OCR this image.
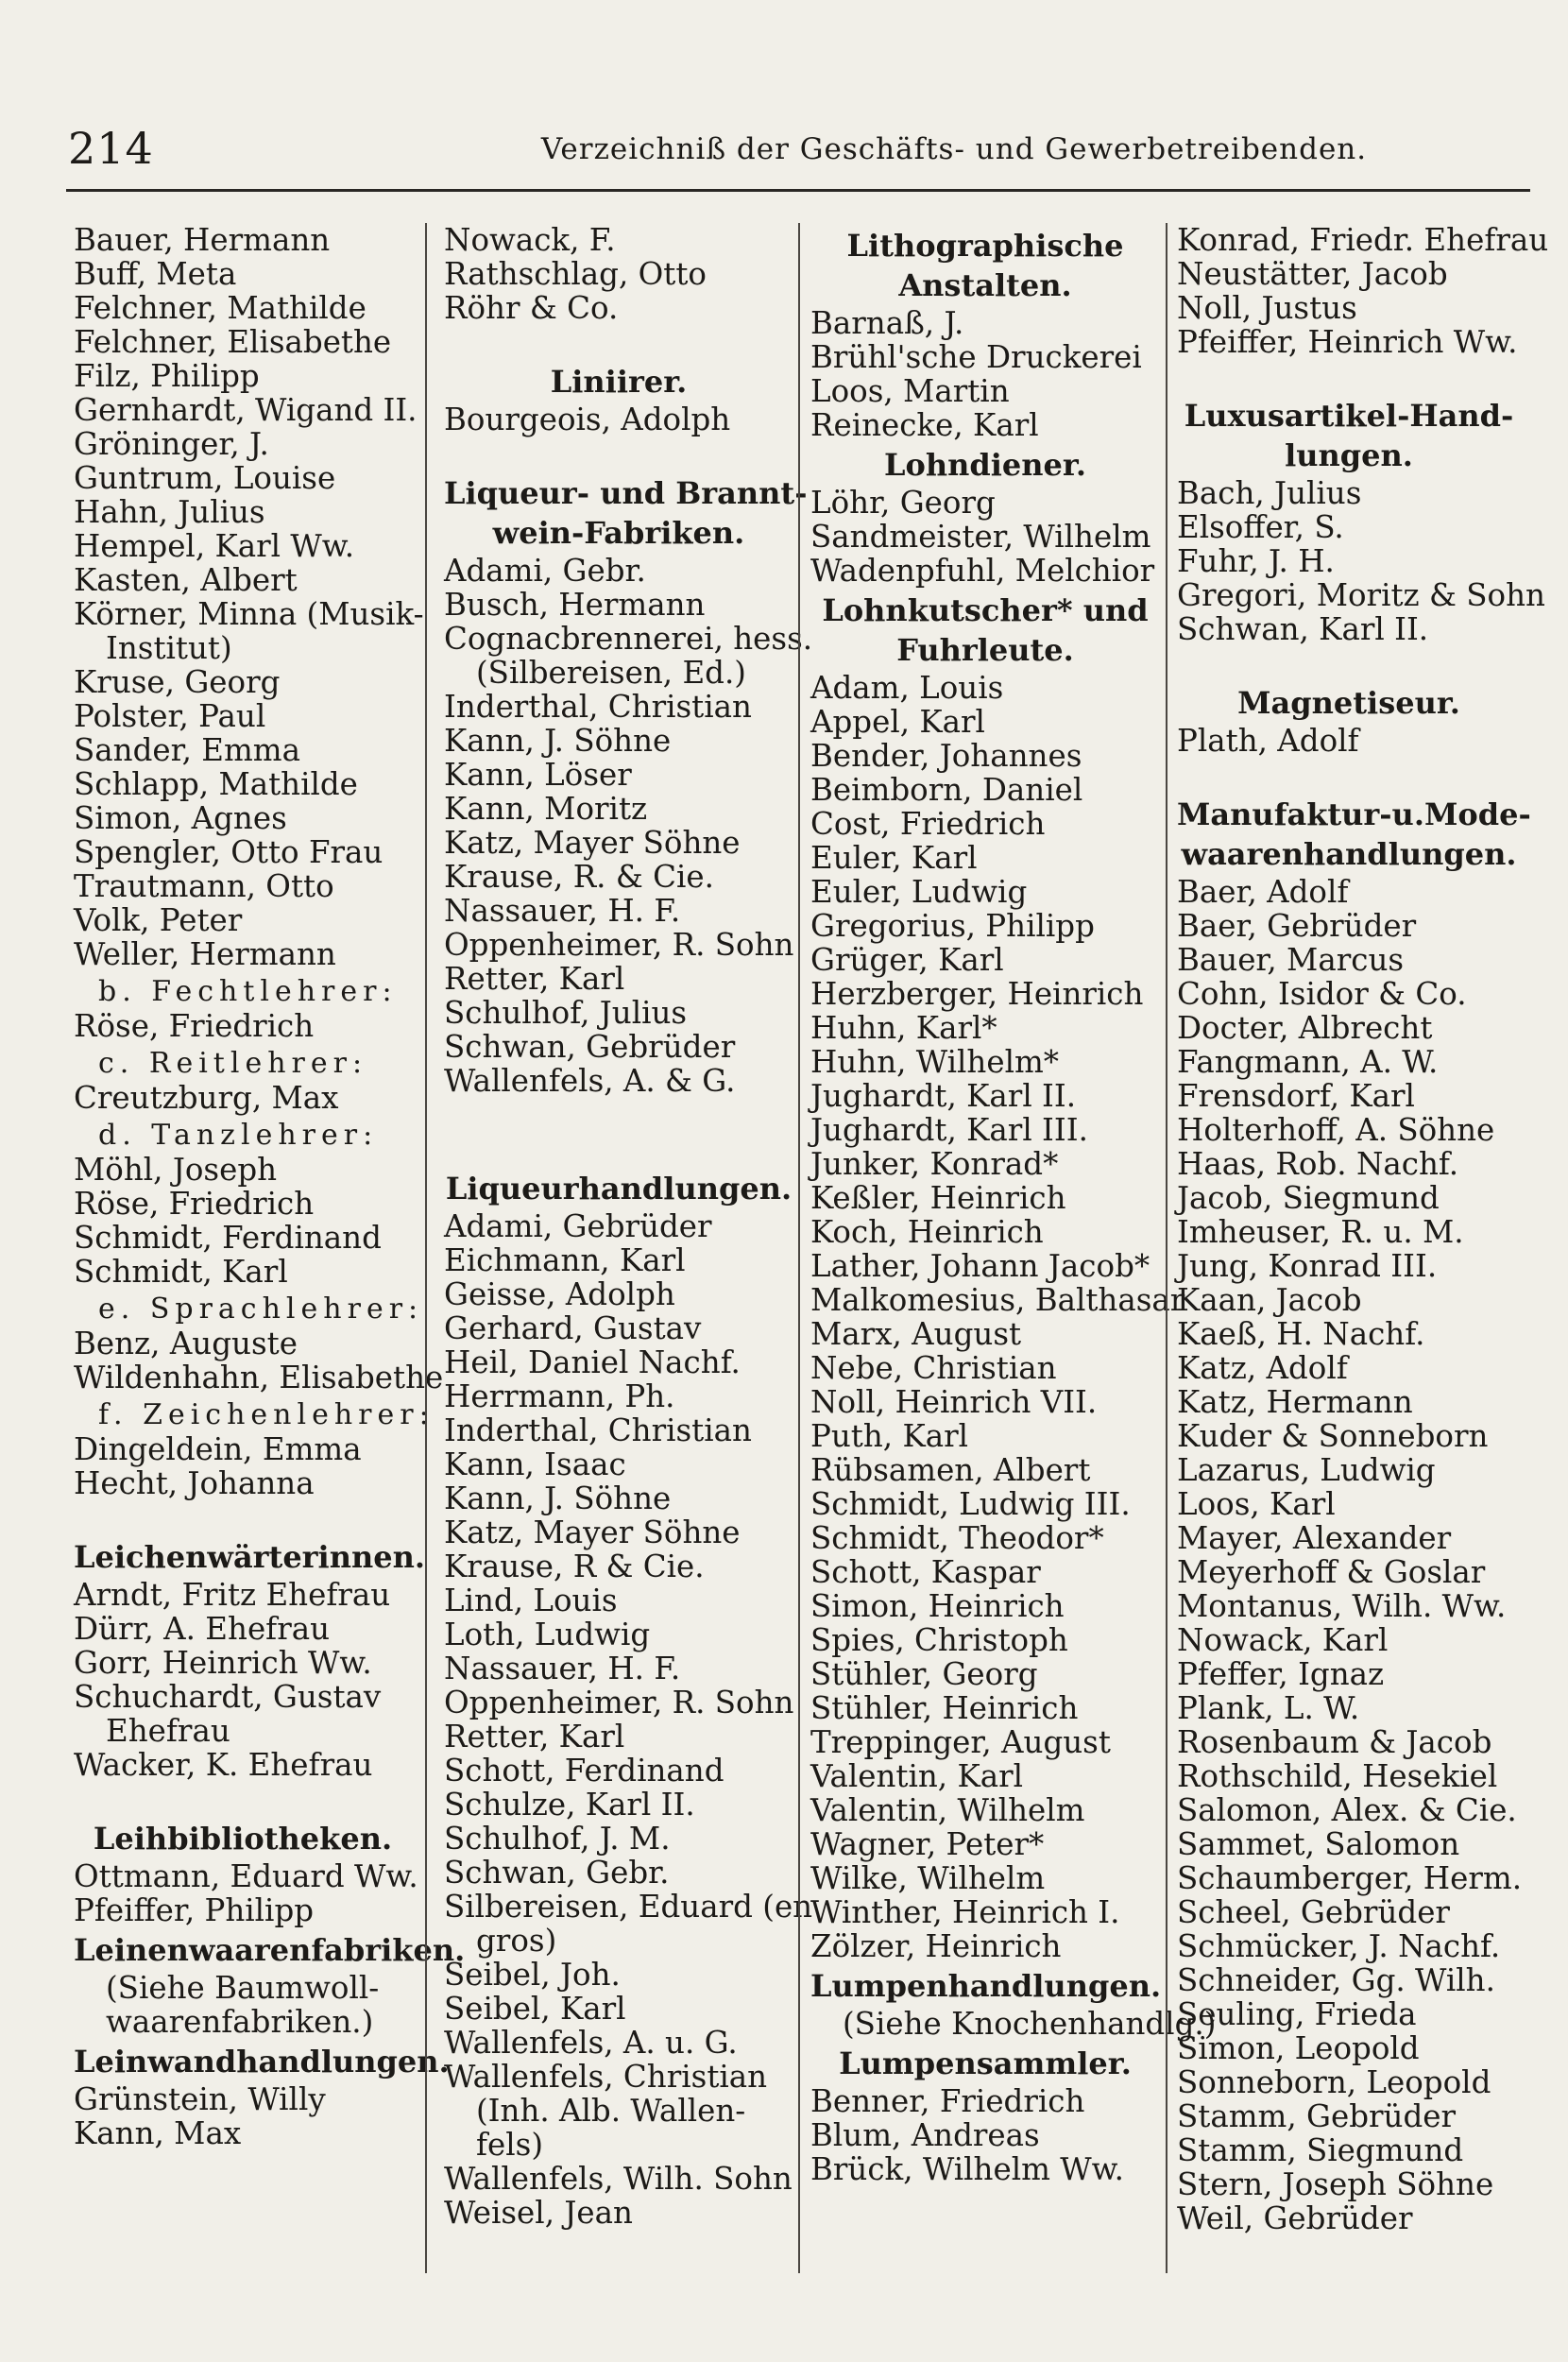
214	Verzeichniß der Geschäfts- und Gewerbetreibenden.
Bauer, Hermann
Buff, Meta
Felchner, Mathilde
Felchner, Elisabethe
Filz, Philipp
Gernhardt, Wigand II.
Gröninger, J.
Guntrum, Louise
Hahn, Julius
Hempel, Karl Ww.
Kasten, Albert
Körner, Minna (Musik-
Institut)
Kruse, Georg
Polster, Paul
Sander, Emma
Schlapp, Mathilde
Simon, Agnes
Spengler, Otto Frau
Trautmann, Otto
Volk, Peter
Weller, Hermann
b. Fechtlehrer:
Röse, Friedrich
c. Reitlehrer:
Creutzburg, Max
d. Tanzlehrer:
Möhl, Joseph
Röse, Friedrich
Schmidt, Ferdinand
Schmidt, Karl
e. Sprachlehrer:
Benz, Auguste
Wildenhahn, Elisabethe
f. Zeichenlehrer:
Dingeldein, Emma
Hecht, Johanna
Leichenwärterinnen.
Arndt, Fritz Ehefrau
Dürr, A. Ehefrau
Gorr, Heinrich Ww.
Schuchardt, Gustav
Ehefrau
Wacker, K. Ehefrau
Leihbibliotheken.
Ottmann, Eduard Ww.
Pfeiffer, Philipp
Leinenwaarenfabriken.
(Siehe Baumwoll-
waarenfabriken.)
Leinwandhandlungen.
Grünstein, Willy
Kann, Max
Nowack, F.
Rathschlag, Otto
Röhr & Co.
Liniirer.
Bourgeois, Adolph
Liqueur- und Brannt-
wein-Fabriken.
Adami, Gebr.
Busch, Hermann
Cognacbrennerei, hess.
(Silbereisen, Ed.)
Inderthal, Christian
Kann, J. Söhne
Kann, Löser
Kann, Moritz
Katz, Mayer Söhne
Krause, R. & Cie.
Nassauer, H. F.
Oppenheimer, R. Sohn
Retter, Karl
Schulhof, Julius
Schwan, Gebrüder
Wallenfels, A. & G.
Liqueurhandlungen.
Adami, Gebrüder
Eichmann, Karl
Geisse, Adolph
Gerhard, Gustav
Heil, Daniel Nachf.
Herrmann, Ph.
Inderthal, Christian
Kann, Isaac
Kann, J. Söhne
Katz, Mayer Söhne
Krause, R & Cie.
Lind, Louis
Loth, Ludwig
Nassauer, H. F.
Oppenheimer, R. Sohn
Retter, Karl
Schott, Ferdinand
Schulze, Karl II.
Schulhof, J. M.
Schwan, Gebr.
Silbereisen, Eduard (en
gros)
Seibel, Joh.
Seibel, Karl
Wallenfels, A. u. G.
Wallenfels, Christian
(Inh. Alb. Wallen-
fels)
Wallenfels, Wilh. Sohn
Weisel, Jean
Lithographische
Anstalten.
Barnaß, J.
Brühl'sche Druckerei
Loos, Martin
Reinecke, Karl
Lohndiener.
Löhr, Georg
Sandmeister, Wilhelm
Wadenpfuhl, Melchior
Lohnkutscher* und
Fuhrleute.
Adam, Louis
Appel, Karl
Bender, Johannes
Beimborn, Daniel
Cost, Friedrich
Euler, Karl
Euler, Ludwig
Gregorius, Philipp
Grüger, Karl
Herzberger, Heinrich
Huhn, Karl*
Huhn, Wilhelm*
Jughardt, Karl II.
Jughardt, Karl III.
Junker, Konrad*
Keßler, Heinrich
Koch, Heinrich
Lather, Johann Jacob*
Malkomesius, Balthasar
Marx, August
Nebe, Christian
Noll, Heinrich VII.
Puth, Karl
Rübsamen, Albert
Schmidt, Ludwig III.
Schmidt, Theodor*
Schott, Kaspar
Simon, Heinrich
Spies, Christoph
Stühler, Georg
Stühler, Heinrich
Treppinger, August
Valentin, Karl
Valentin, Wilhelm
Wagner, Peter*
Wilke, Wilhelm
Winther, Heinrich I.
Zölzer, Heinrich
Lumpenhandlungen.
(Siehe Knochenhandlg.)
Lumpensammler.
Benner, Friedrich
Blum, Andreas
Brück, Wilhelm Ww.
Konrad, Friedr. Ehefrau
Neustätter, Jacob
Noll, Justus
Pfeiffer, Heinrich Ww.
Luxusartikel-Hand-
lungen.
Bach, Julius
Elsoffer, S.
Fuhr, J. H.
Gregori, Moritz & Sohn
Schwan, Karl II.
Magnetiseur.
Plath, Adolf
Manufaktur-u.Mode-
waarenhandlungen.
Baer, Adolf
Baer, Gebrüder
Bauer, Marcus
Cohn, Isidor & Co.
Docter, Albrecht
Fangmann, A. W.
Frensdorf, Karl
Holterhoff, A. Söhne
Haas, Rob. Nachf.
Jacob, Siegmund
Imheuser, R. u. M.
Jung, Konrad III.
Kaan, Jacob
Kaeß, H. Nachf.
Katz, Adolf
Katz, Hermann
Kuder & Sonneborn
Lazarus, Ludwig
Loos, Karl
Mayer, Alexander
Meyerhoff & Goslar
Montanus, Wilh. Ww.
Nowack, Karl
Pfeffer, Ignaz
Plank, L. W.
Rosenbaum & Jacob
Rothschild, Hesekiel
Salomon, Alex. & Cie.
Sammet, Salomon
Schaumberger, Herm.
Scheel, Gebrüder
Schmücker, J. Nachf.
Schneider, Gg. Wilh.
Seuling, Frieda
Simon, Leopold
Sonneborn, Leopold
Stamm, Gebrüder
Stamm, Siegmund
Stern, Joseph Söhne
Weil, Gebrüder
